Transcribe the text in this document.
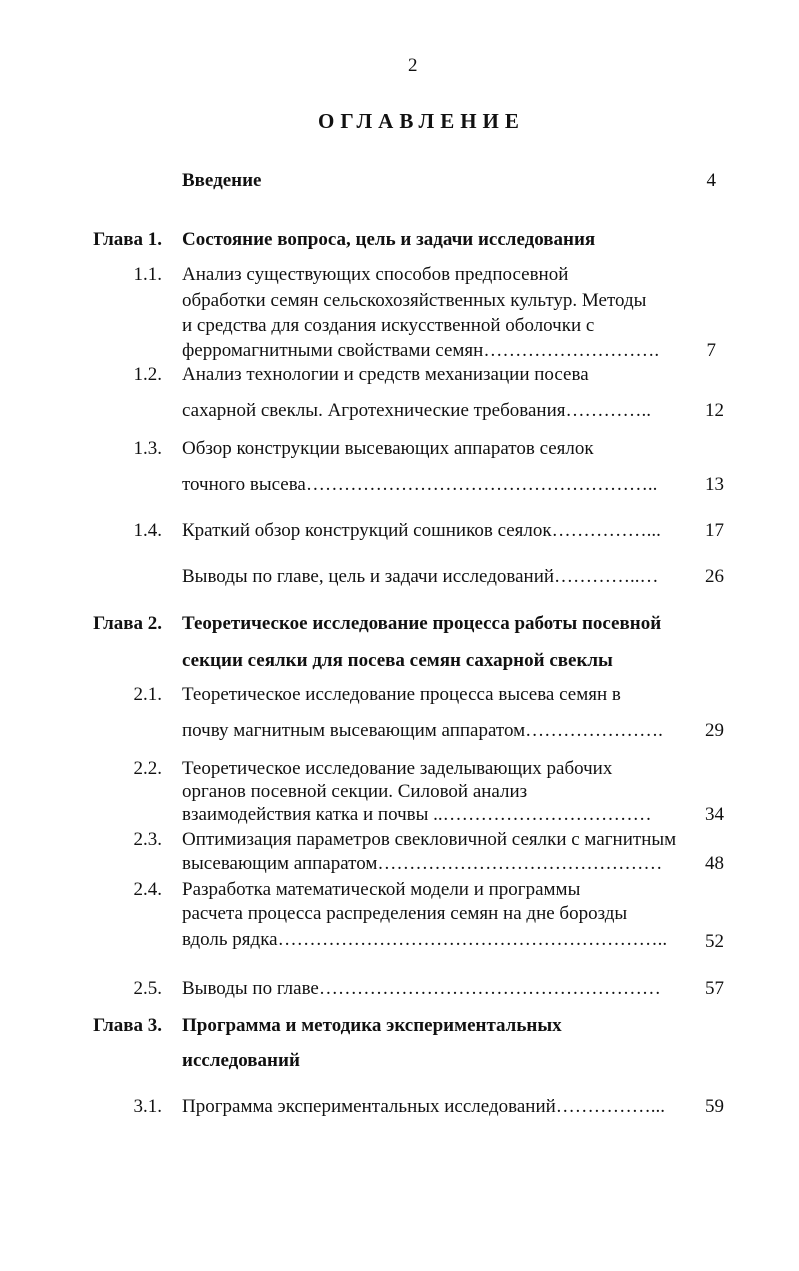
2
ОГЛАВЛЕНИЕ
Введение	4
Глава 1. Состояние вопроса, цель и задачи исследования
1.1. Анализ существующих способов предпосевной
обработки семян сельскохозяйственных культур. Методы
и средства для создания искусственной оболочки с
ферромагнитными свойствами семян……………………….	7
1.2. Анализ технологии и средств механизации посева
сахарной свеклы. Агротехнические требования…………..	12
1.3. Обзор конструкции высевающих аппаратов сеялок
точного высева………………………………………………..	13
1.4. Краткий обзор конструкций сошников сеялок……………...	17
Выводы по главе, цель и задачи исследований…………..…	26
Глава 2. Теоретическое исследование процесса работы посевной
секции сеялки для посева семян сахарной свеклы
2.1. Теоретическое исследование процесса высева семян в
почву магнитным высевающим аппаратом………………….	29
2.2. Теоретическое исследование заделывающих рабочих
органов посевной секции. Силовой анализ
взаимодействия катка и почвы ..……………………………	34
2.3. Оптимизация параметров свекловичной сеялки с магнитным
высевающим аппаратом………………………………………	48
2.4. Разработка математической модели и программы
расчета процесса распределения семян на дне борозды
вдоль рядка……………………………………………………..	52
2.5. Выводы по главе………………………………………………	57
Глава 3. Программа и методика экспериментальных
исследований
3.1. Программа экспериментальных исследований……………...	59
